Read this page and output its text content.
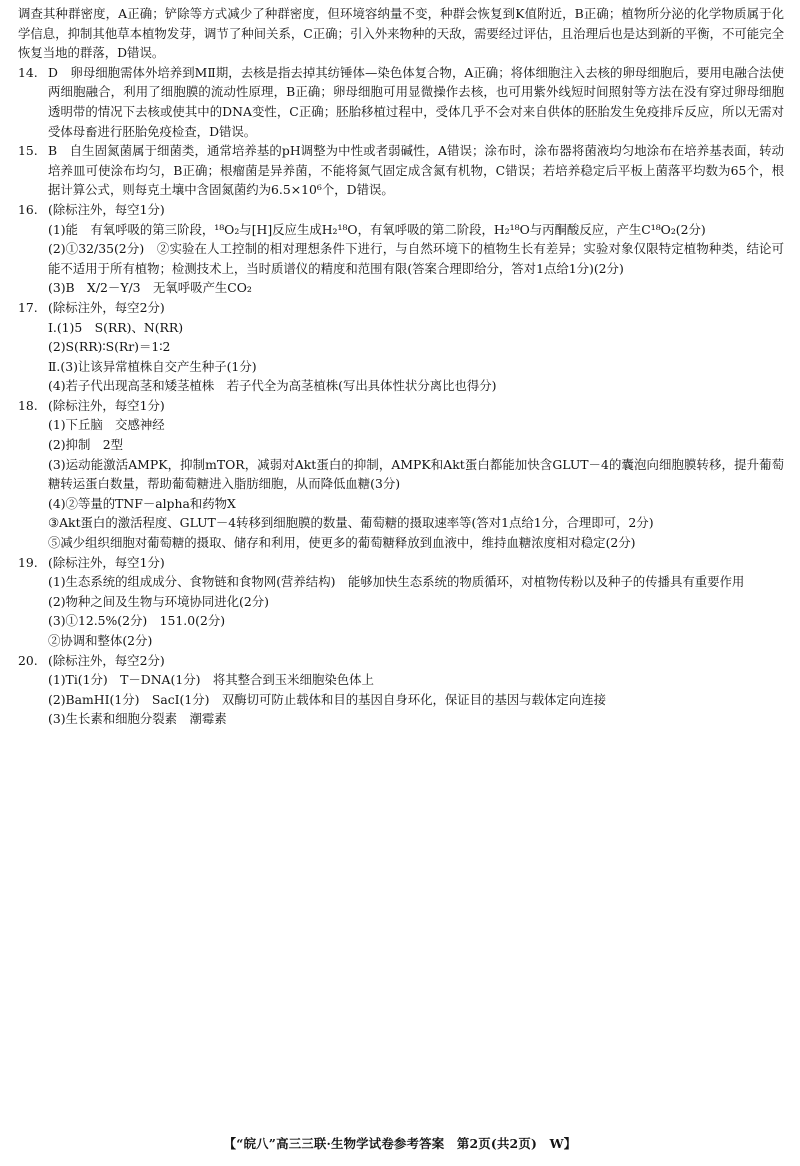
调查其种群密度，A正确；铲除等方式减少了种群密度，但环境容纳量不变，种群会恢复到K值附近，B正确；植物所分泌的化学物质属于化学信息，抑制其他草本植物发芽，调节了种间关系，C正确；引入外来物种的天敌，需要经过评估，且治理后也是达到新的平衡，不可能完全恢复当地的群落，D错误。

14. D　卵母细胞需体外培养到MⅡ期，去核是指去掉其纺锤体—染色体复合物，A正确；将体细胞注入去核的卵母细胞后，要用电融合法使两细胞融合，利用了细胞膜的流动性原理，B正确；卵母细胞可用显微操作去核，也可用紫外线短时间照射等方法在没有穿过卵母细胞透明带的情况下去核或使其中的DNA变性，C正确；胚胎移植过程中，受体几乎不会对来自供体的胚胎发生免疫排斥反应，所以无需对受体母畜进行胚胎免疫检查，D错误。
15. B　自生固氮菌属于细菌类，通常培养基的pH调整为中性或者弱碱性，A错误；涂布时，涂布器将菌液均匀地涂布在培养基表面，转动培养皿可使涂布均匀，B正确；根瘤菌是异养菌，不能将氮气固定成含氮有机物，C错误；若培养稳定后平板上菌落平均数为65个，根据计算公式，则每克土壤中含固氮菌约为6.5×10⁶个，D错误。
16. (除标注外，每空1分)

(1)能　有氧呼吸的第三阶段，¹⁸O₂与[H]反应生成H₂¹⁸O，有氧呼吸的第二阶段，H₂¹⁸O与丙酮酸反应，产生C¹⁸O₂(2分)

(2)①32/35(2分)　②实验在人工控制的相对理想条件下进行，与自然环境下的植物生长有差异；实验对象仅限特定植物种类，结论可能不适用于所有植物；检测技术上，当时质谱仪的精度和范围有限(答案合理即给分，答对1点给1分)(2分)

(3)B　X/2－Y/3　无氧呼吸产生CO₂

17. (除标注外，每空2分)

Ⅰ.(1)5　S(RR)、N(RR)

(2)S(RR)∶S(Rr)＝1∶2

Ⅱ.(3)让该异常植株自交产生种子(1分)

(4)若子代出现高茎和矮茎植株　若子代全为高茎植株(写出具体性状分离比也得分)

18. (除标注外，每空1分)

(1)下丘脑　交感神经

(2)抑制　2型

(3)运动能激活AMPK，抑制mTOR，减弱对Akt蛋白的抑制，AMPK和Akt蛋白都能加快含GLUT－4的囊泡向细胞膜转移，提升葡萄糖转运蛋白数量，帮助葡萄糖进入脂肪细胞，从而降低血糖(3分)

(4)②等量的TNF－alpha和药物X

③Akt蛋白的激活程度、GLUT－4转移到细胞膜的数量、葡萄糖的摄取速率等(答对1点给1分，合理即可，2分)

⑤减少组织细胞对葡萄糖的摄取、储存和利用，使更多的葡萄糖释放到血液中，维持血糖浓度相对稳定(2分)

19. (除标注外，每空1分)

(1)生态系统的组成成分、食物链和食物网(营养结构)　能够加快生态系统的物质循环，对植物传粉以及种子的传播具有重要作用

(2)物种之间及生物与环境协同进化(2分)

(3)①12.5%(2分)　151.0(2分)

②协调和整体(2分)

20. (除标注外，每空2分)

(1)Ti(1分)　T－DNA(1分)　将其整合到玉米细胞染色体上

(2)BamHⅠ(1分)　SacⅠ(1分)　双酶切可防止载体和目的基因自身环化，保证目的基因与载体定向连接

(3)生长素和细胞分裂素　潮霉素

【“皖八”高三三联·生物学试卷参考答案　第2页(共2页)　W】
